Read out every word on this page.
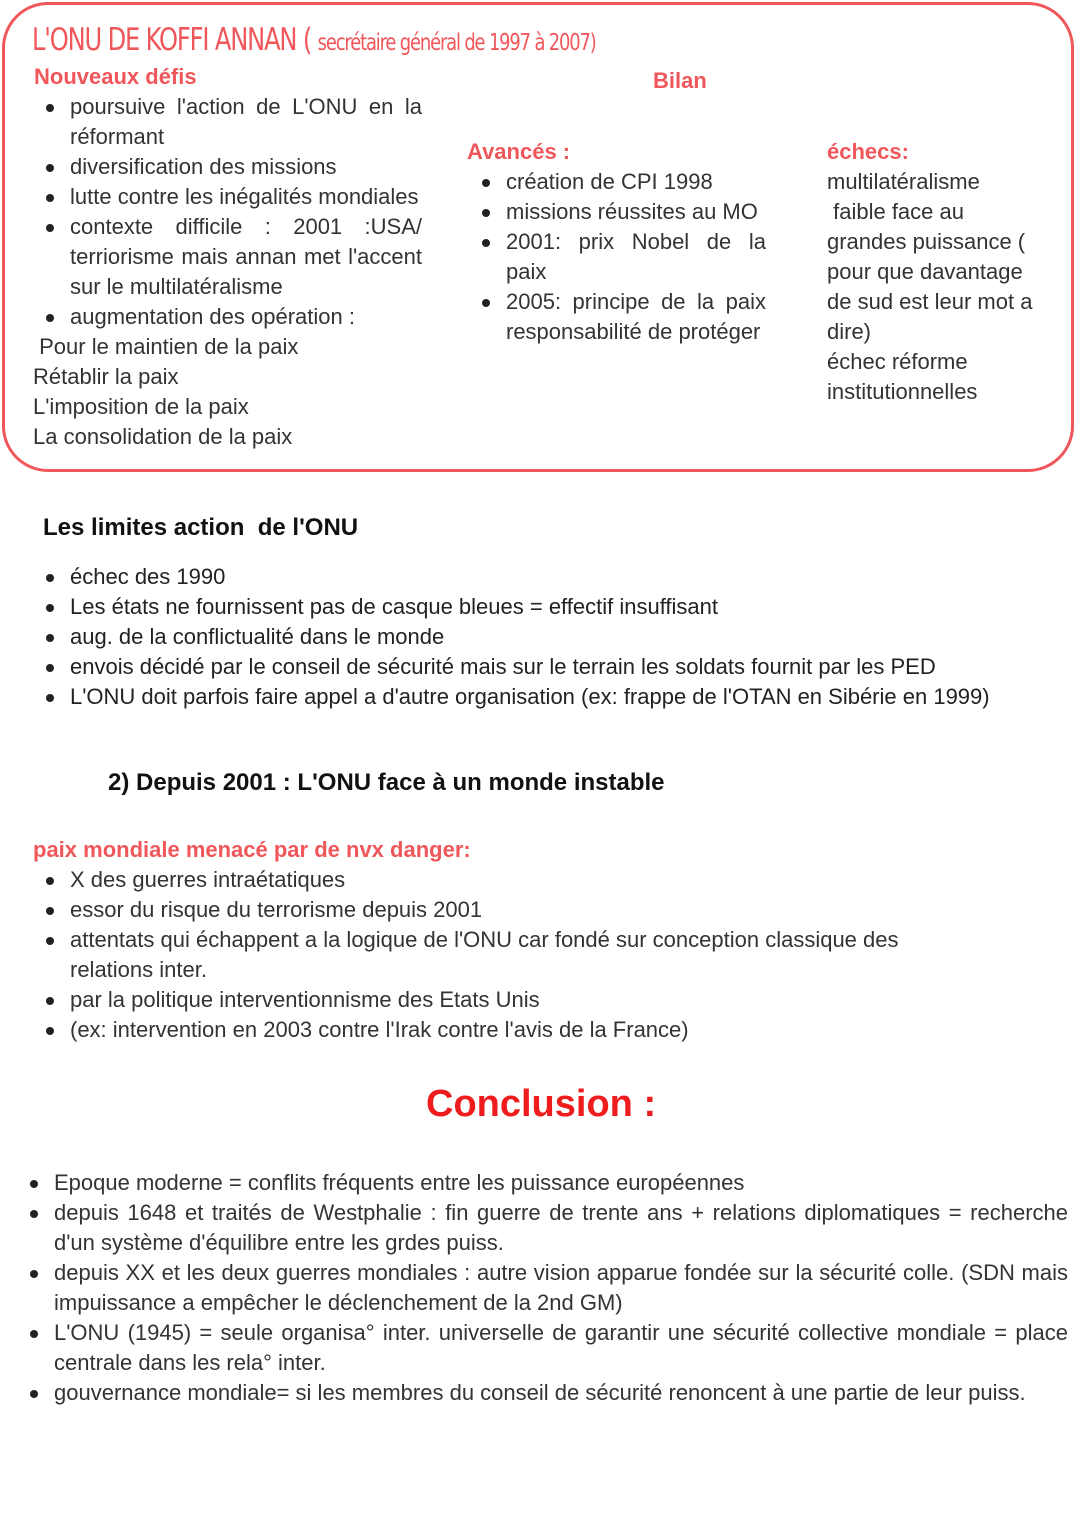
L'ONU DE KOFFI ANNAN ( secrétaire général de 1997 à 2007)
Nouveaux défis
poursuive l'action de L'ONU en la réformant
diversification des missions
lutte contre les inégalités mondiales
contexte difficile : 2001 :USA/ terriorisme mais annan met l'accent sur le multilatéralisme
augmentation des opération :
Pour le maintien de la paix
Rétablir la paix
L'imposition de la paix
La consolidation de la paix
Bilan
Avancés :
création de CPI 1998
missions réussites au MO
2001: prix Nobel de la paix
2005: principe de la paix responsabilité de protéger
échecs:
multilatéralisme
faible face au
grandes puissance (
pour que davantage
de sud est leur mot a
dire)
échec réforme
institutionnelles
Les limites action  de l'ONU
échec des 1990
Les états ne fournissent pas de casque bleues = effectif insuffisant
aug. de la conflictualité dans le monde
envois décidé par le conseil de sécurité mais sur le terrain les soldats fournit par les PED
L'ONU doit parfois faire appel a d'autre organisation (ex: frappe de l'OTAN en Sibérie en 1999)
2) Depuis 2001 : L'ONU face à un monde instable
paix mondiale menacé par de nvx danger:
X des guerres intraétatiques
essor du risque du terrorisme depuis 2001
attentats qui échappent a la logique de l'ONU car fondé sur conception classique des relations inter.
par la politique interventionnisme des Etats Unis
(ex: intervention en 2003 contre l'Irak contre l'avis de la France)
Conclusion :
Epoque moderne = conflits fréquents entre les puissance européennes
depuis 1648 et traités de Westphalie : fin guerre de trente ans + relations diplomatiques = recherche d'un système d'équilibre entre les grdes puiss.
depuis XX et les deux guerres mondiales : autre vision apparue fondée sur la sécurité colle. (SDN mais impuissance a empêcher le déclenchement de la 2nd GM)
L'ONU (1945) = seule organisa° inter. universelle de garantir une sécurité collective mondiale = place centrale dans les rela° inter.
gouvernance mondiale= si les membres du conseil de sécurité renoncent à une partie de leur puiss.
